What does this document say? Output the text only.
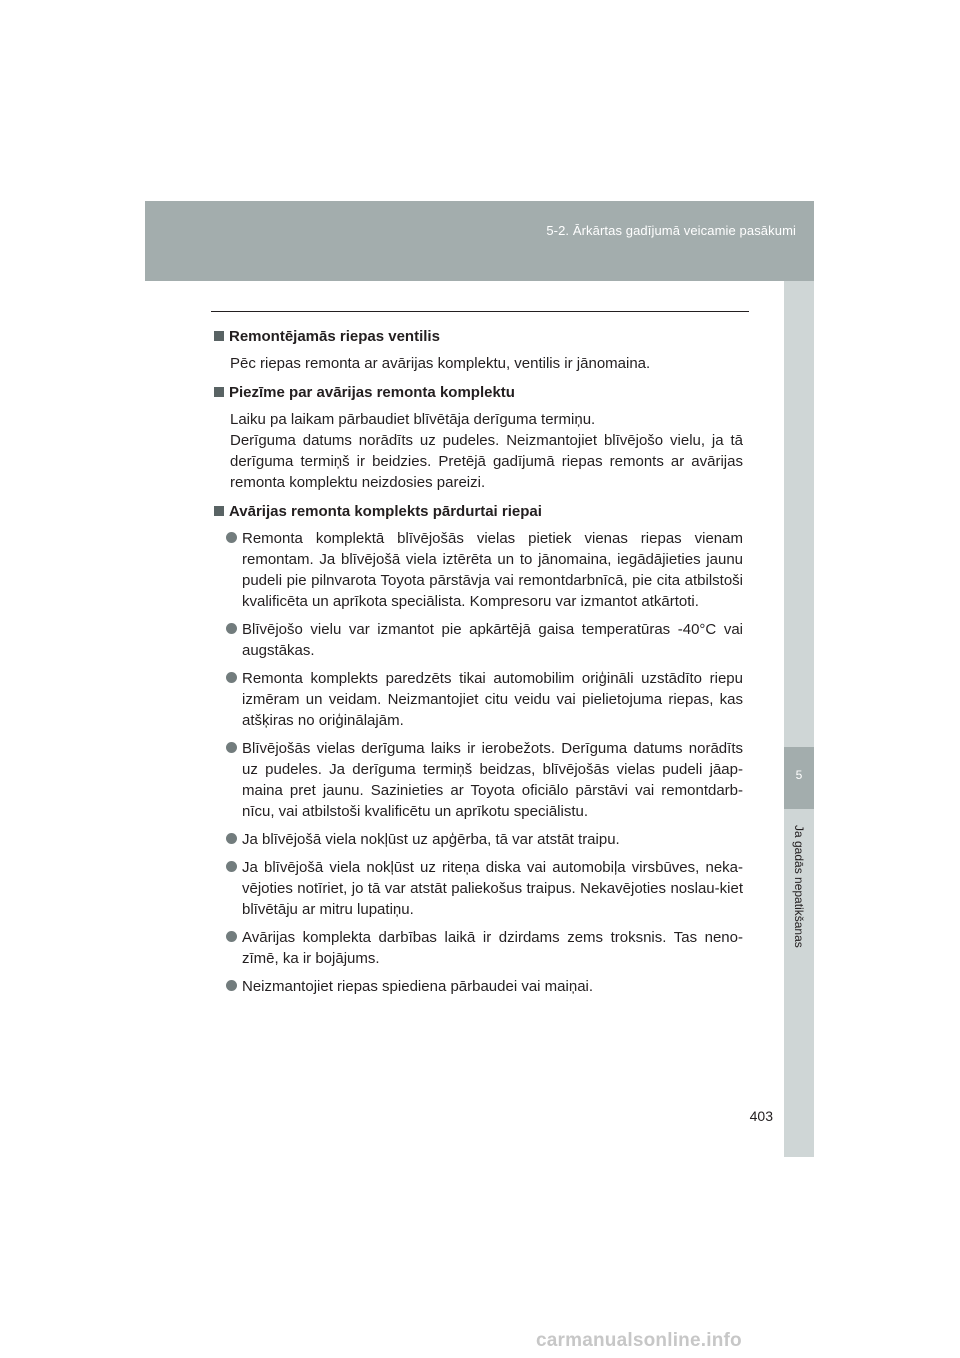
5-2. Ārkārtas gadījumā veicamie pasākumi
5
Ja gadās nepatikšanas
Remontējamās riepas ventilis

Pēc riepas remonta ar avārijas komplektu, ventilis ir jānomaina.

Piezīme par avārijas remonta komplektu

Laiku pa laikam pārbaudiet blīvētāja derīguma termiņu.

Derīguma datums norādīts uz pudeles. Neizmantojiet blīvējošo vielu, ja tā derīguma termiņš ir beidzies. Pretējā gadījumā riepas remonts ar avārijas remonta komplektu neizdosies pareizi.

Avārijas remonta komplekts pārdurtai riepai
Remonta komplektā blīvējošās vielas pietiek vienas riepas vienam remontam. Ja blīvējošā viela iztērēta un to jānomaina, iegādājieties jaunu pudeli pie pilnvarota Toyota pārstāvja vai remontdarbnīcā, pie cita atbilstoši kvalificēta un aprīkota speciālista. Kompresoru var izmantot atkārtoti.
Blīvējošo vielu var izmantot pie apkārtējā gaisa temperatūras -40°C vai augstākas.
Remonta komplekts paredzēts tikai automobilim oriģināli uzstādīto riepu izmēram un veidam. Neizmantojiet citu veidu vai pielietojuma riepas, kas atšķiras no oriģinālajām.
Blīvējošās vielas derīguma laiks ir ierobežots. Derīguma datums norādīts uz pudeles. Ja derīguma termiņš beidzas, blīvējošās vielas pudeli jāap-maina pret jaunu. Sazinieties ar Toyota oficiālo pārstāvi vai remontdarb-nīcu, vai atbilstoši kvalificētu un aprīkotu speciālistu.
Ja blīvējošā viela nokļūst uz apģērba, tā var atstāt traipu.
Ja blīvējošā viela nokļūst uz riteņa diska vai automobiļa virsbūves, neka-vējoties notīriet, jo tā var atstāt paliekošus traipus. Nekavējoties noslau-kiet blīvētāju ar mitru lupatiņu.
Avārijas komplekta darbības laikā ir dzirdams zems troksnis. Tas neno-zīmē, ka ir bojājums.
Neizmantojiet riepas spiediena pārbaudei vai maiņai.
403
carmanualsonline.info
